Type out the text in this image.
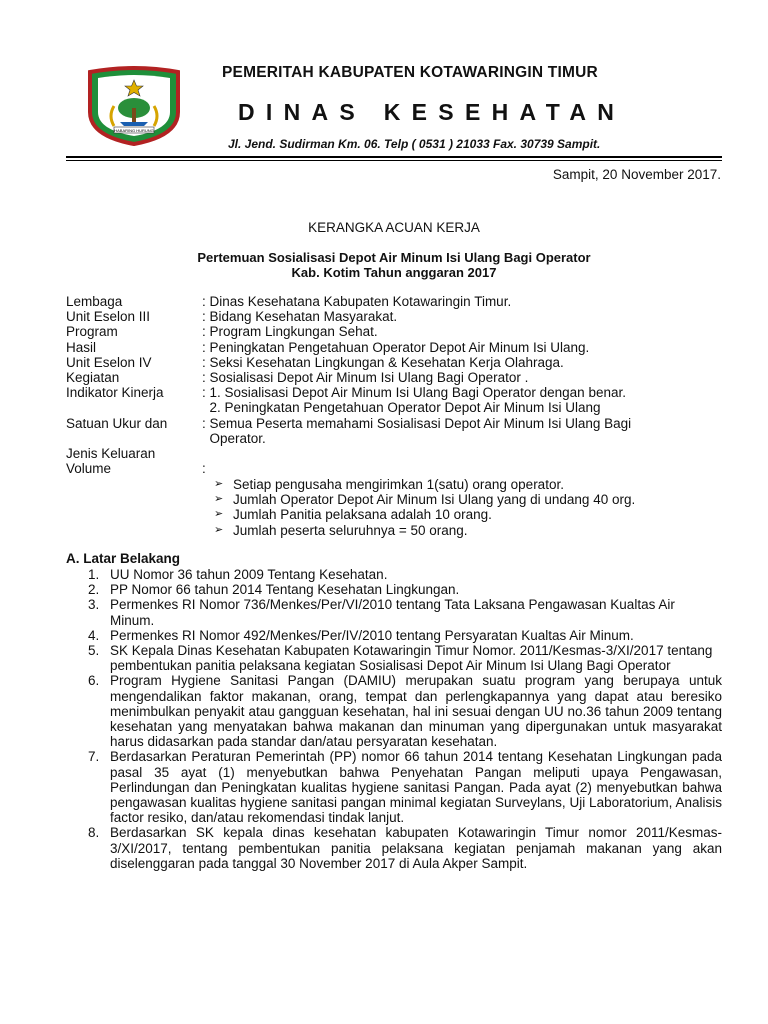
HABARING HURUNG
PEMERITAH KABUPATEN KOTAWARINGIN TIMUR
DINAS KESEHATAN
Jl. Jend. Sudirman Km. 06. Telp ( 0531 ) 21033 Fax. 30739 Sampit.
Sampit, 20 November 2017.
KERANGKA ACUAN KERJA
Pertemuan Sosialisasi Depot Air Minum Isi Ulang Bagi Operator
Kab. Kotim Tahun anggaran 2017
Lembaga	: Dinas Kesehatana Kabupaten Kotawaringin Timur.
Unit Eselon III	: Bidang Kesehatan Masyarakat.
Program	: Program Lingkungan Sehat.
Hasil	: Peningkatan Pengetahuan Operator Depot Air Minum Isi Ulang.
Unit Eselon IV	: Seksi Kesehatan Lingkungan & Kesehatan Kerja Olahraga.
Kegiatan	: Sosialisasi Depot Air Minum Isi Ulang Bagi Operator .
Indikator Kinerja	: 1. Sosialisasi Depot Air Minum Isi Ulang Bagi Operator dengan benar.
2. Peningkatan Pengetahuan Operator Depot Air Minum Isi Ulang
Satuan Ukur dan	: Semua Peserta memahami Sosialisasi Depot Air Minum Isi Ulang Bagi
Operator.
Jenis Keluaran
Volume	:
➢ Setiap pengusaha mengirimkan 1(satu) orang operator.
➢ Jumlah Operator Depot Air Minum Isi Ulang yang di undang 40 org.
➢ Jumlah Panitia pelaksana adalah 10 orang.
➢ Jumlah peserta seluruhnya = 50 orang.
A. Latar Belakang
1. UU Nomor 36 tahun 2009 Tentang Kesehatan.
2. PP Nomor 66 tahun 2014 Tentang Kesehatan Lingkungan.
3. Permenkes RI Nomor 736/Menkes/Per/VI/2010 tentang Tata Laksana Pengawasan Kualtas Air Minum.
4. Permenkes RI Nomor 492/Menkes/Per/IV/2010 tentang Persyaratan Kualtas Air Minum.
5. SK Kepala Dinas Kesehatan Kabupaten Kotawaringin Timur Nomor. 2011/Kesmas-3/XI/2017 tentang pembentukan panitia pelaksana kegiatan Sosialisasi Depot Air Minum Isi Ulang Bagi Operator
6. Program Hygiene Sanitasi Pangan (DAMIU) merupakan suatu program yang berupaya untuk mengendalikan faktor makanan, orang, tempat dan perlengkapannya yang dapat atau beresiko menimbulkan penyakit atau gangguan kesehatan, hal ini sesuai dengan UU no.36 tahun 2009 tentang kesehatan yang menyatakan bahwa makanan dan minuman yang dipergunakan untuk masyarakat harus didasarkan pada standar dan/atau persyaratan kesehatan.
7. Berdasarkan Peraturan Pemerintah (PP) nomor 66 tahun 2014 tentang Kesehatan Lingkungan pada pasal 35 ayat (1) menyebutkan bahwa Penyehatan Pangan meliputi upaya Pengawasan, Perlindungan dan Peningkatan kualitas hygiene sanitasi Pangan. Pada ayat (2) menyebutkan bahwa pengawasan kualitas hygiene sanitasi pangan minimal kegiatan Surveylans, Uji Laboratorium, Analisis factor resiko, dan/atau rekomendasi tindak lanjut.
8. Berdasarkan SK kepala dinas kesehatan kabupaten Kotawaringin Timur nomor 2011/Kesmas-3/XI/2017, tentang pembentukan panitia pelaksana kegiatan penjamah makanan yang akan diselenggaran pada tanggal 30 November 2017 di Aula Akper Sampit.
